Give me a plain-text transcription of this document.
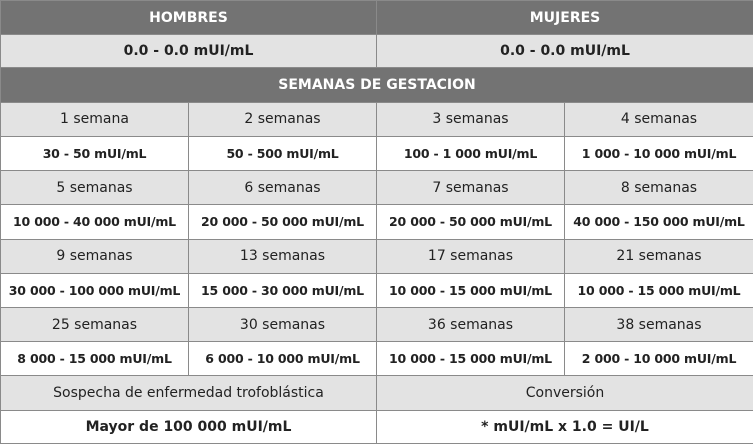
HOMBRES		MUJERES	
0.0 - 0.0 mUI/mL		0.0 - 0.0 mUI/mL	
SEMANAS DE GESTACION			
1 semana	2 semanas	3 semanas	4 semanas
30 - 50 mUI/mL	50 - 500 mUI/mL	100 - 1 000 mUI/mL	1 000 - 10 000 mUI/mL
5 semanas	6 semanas	7 semanas	8 semanas
10 000 - 40 000 mUI/mL	20 000 - 50 000 mUI/mL	20 000 - 50 000 mUI/mL	40 000 - 150 000 mUI/mL
9 semanas	13 semanas	17 semanas	21 semanas
30 000 - 100 000 mUI/mL	15 000 - 30 000 mUI/mL	10 000 - 15 000 mUI/mL	10 000 - 15 000 mUI/mL
25 semanas	30 semanas	36 semanas	38 semanas
8 000 - 15 000 mUI/mL	6 000 - 10 000 mUI/mL	10 000 - 15 000 mUI/mL	2 000 - 10 000 mUI/mL
Sospecha de enfermedad trofoblástica		Conversión	
Mayor de 100 000 mUI/mL		* mUI/mL x 1.0 = UI/L	
